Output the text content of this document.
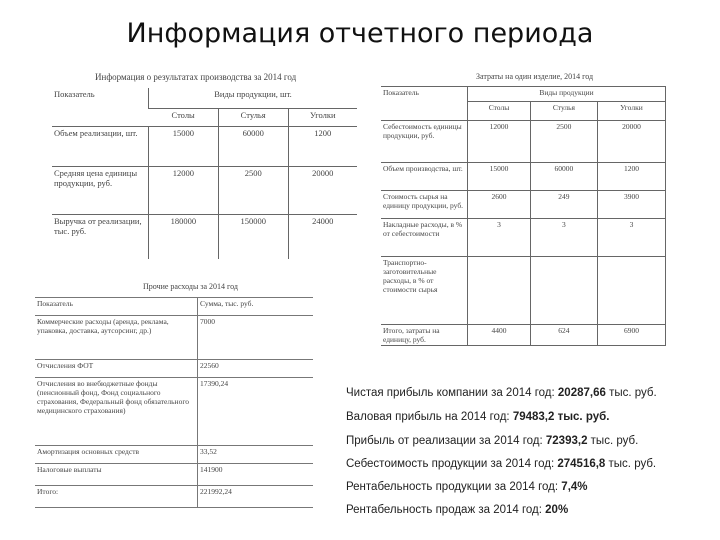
Информация отчетного периода
Информация о результатах производства за 2014 год
Показатель	Виды продукции, шт.		
	Столы	Стулья	Уголки
Объем реализации, шт.	15000	60000	1200
Средняя цена единицы продукции, руб.	12000	2500	20000
Выручка от реализации, тыс. руб.	180000	150000	24000
Затраты на один изделие, 2014 год
Показатель	Виды продукции		
	Столы	Стулья	Уголки
Себестоимость единицы продукции, руб.	12000	2500	20000
Объем производства, шт.	15000	60000	1200
Стоимость сырья на единицу продукции, руб.	2600	249	3900
Накладные расходы, в % от себестоимости	3	3	3
Транспортно-заготовительные расходы, в % от стоимости сырья			
Итого, затраты на единицу, руб.	4400	624	6900
Прочие расходы за 2014 год
Показатель	Сумма, тыс. руб.
Коммерческие расходы (аренда, реклама, упаковка, доставка, аутсорсинг, др.)	7000
Отчисления ФОТ	22560
Отчисления во внебюджетные фонды (пенсионный фонд, Фонд социального страхования, Федеральный фонд обязательного медицинского страхования)	17390,24
Амортизация основных средств	33,52
Налоговые выплаты	141900
Итого:	221992,24
Чистая прибыль компании за 2014 год: 20287,66 тыс. руб.
Валовая прибыль на 2014 год: 79483,2 тыс. руб.
Прибыль от реализации за 2014 год: 72393,2 тыс. руб.
Себестоимость продукции за 2014 год: 274516,8 тыс. руб.
Рентабельность продукции за 2014 год: 7,4%
Рентабельность продаж за 2014 год: 20%
